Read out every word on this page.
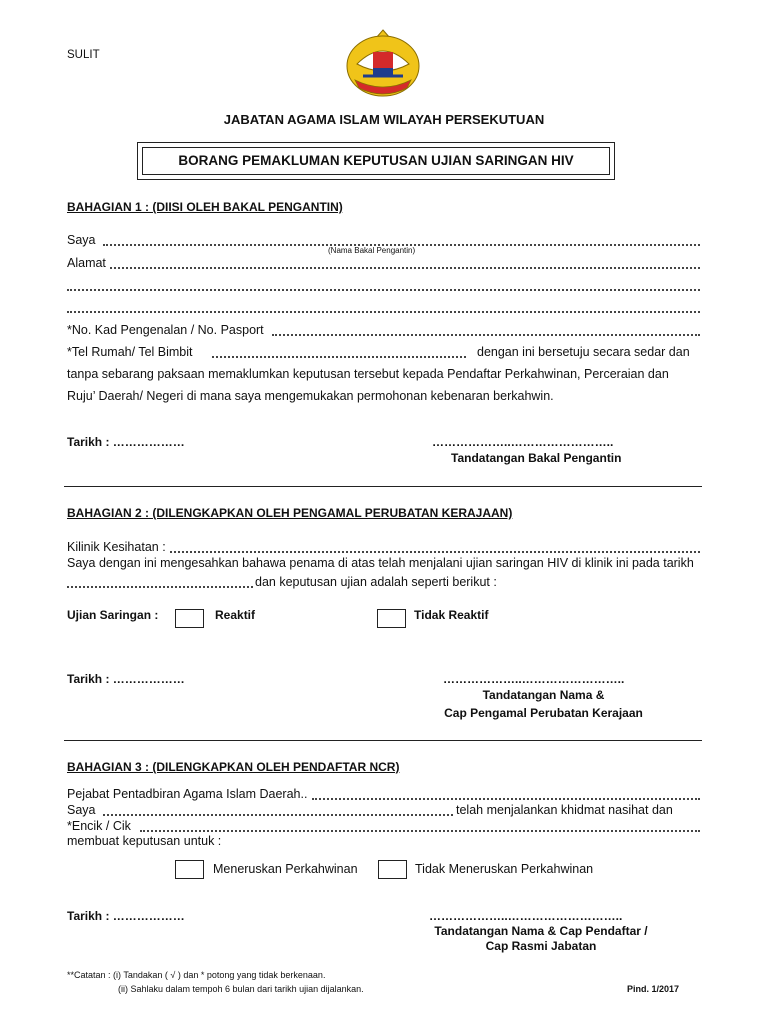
SULIT
JABATAN AGAMA ISLAM WILAYAH PERSEKUTUAN
BORANG PEMAKLUMAN KEPUTUSAN UJIAN SARINGAN HIV
BAHAGIAN 1 : (DIISI OLEH BAKAL PENGANTIN)
Saya
(Nama Bakal Pengantin)
Alamat
*No. Kad Pengenalan / No. Pasport
*Tel Rumah/ Tel Bimbit	dengan ini bersetuju secara sedar dan
tanpa sebarang paksaan memaklumkan keputusan tersebut kepada Pendaftar Perkahwinan, Perceraian dan
Ruju’ Daerah/ Negeri di mana saya mengemukakan permohonan kebenaran berkahwin.
Tarikh : ………………	………………..……………………..
Tandatangan Bakal Pengantin
BAHAGIAN 2 : (DILENGKAPKAN OLEH PENGAMAL PERUBATAN KERAJAAN)
Kilinik Kesihatan :
Saya dengan ini mengesahkan bahawa penama di atas telah menjalani ujian saringan HIV di klinik ini pada tarikh
dan keputusan ujian adalah seperti berikut :
Ujian Saringan :	Reaktif	Tidak Reaktif
Tarikh : ………………	………………..……………………..
Tandatangan Nama &
Cap Pengamal Perubatan Kerajaan
BAHAGIAN 3 : (DILENGKAPKAN OLEH PENDAFTAR NCR)
Pejabat Pentadbiran Agama Islam Daerah..
Saya	telah menjalankan khidmat nasihat dan
*Encik / Cik
membuat keputusan untuk :
Meneruskan Perkahwinan	Tidak Meneruskan Perkahwinan
Tarikh : ………………	………………..………………………..
Tandatangan Nama & Cap Pendaftar /
Cap Rasmi Jabatan
**Catatan : (i) Tandakan ( √ ) dan * potong yang tidak berkenaan.
(ii) Sahlaku dalam tempoh 6 bulan dari tarikh ujian dijalankan.	Pind. 1/2017
